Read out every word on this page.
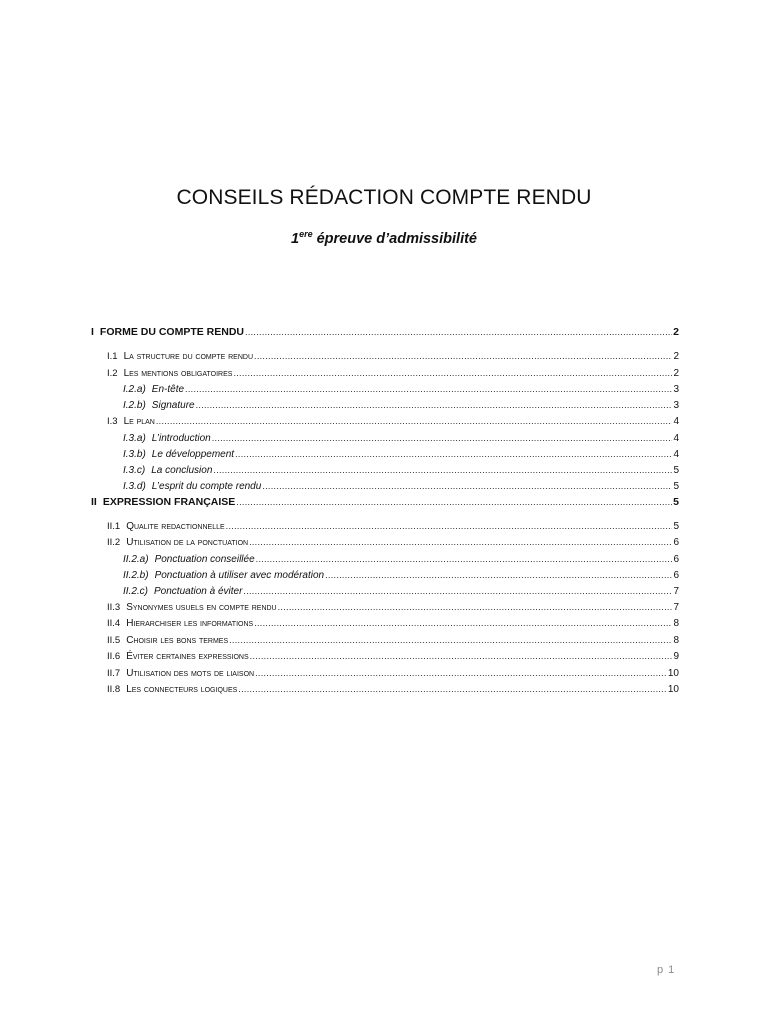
CONSEILS RÉDACTION COMPTE RENDU
1ere épreuve d’admissibilité
I FORME DU COMPTE RENDU .....	2
I.1 La structure du compte rendu .....	2
I.2 Les mentions obligatoires .....	2
I.2.a) En-tête .....	3
I.2.b) Signature .....	3
I.3 Le plan .....	4
I.3.a) L’introduction .....	4
I.3.b) Le développement .....	4
I.3.c) La conclusion .....	5
I.3.d) L’esprit du compte rendu .....	5
II EXPRESSION FRANÇAISE .....	5
II.1 Qualite redactionnelle .....	5
II.2 Utilisation de la ponctuation .....	6
II.2.a) Ponctuation conseillée .....	6
II.2.b) Ponctuation à utiliser avec modération .....	6
II.2.c) Ponctuation à éviter .....	7
II.3 Synonymes usuels en compte rendu .....	7
II.4 Hierarchiser les informations .....	8
II.5 Choisir les bons termes .....	8
II.6 Éviter certaines expressions .....	9
II.7 Utilisation des mots de liaison .....	10
II.8 Les connecteurs logiques .....	10
p 1
